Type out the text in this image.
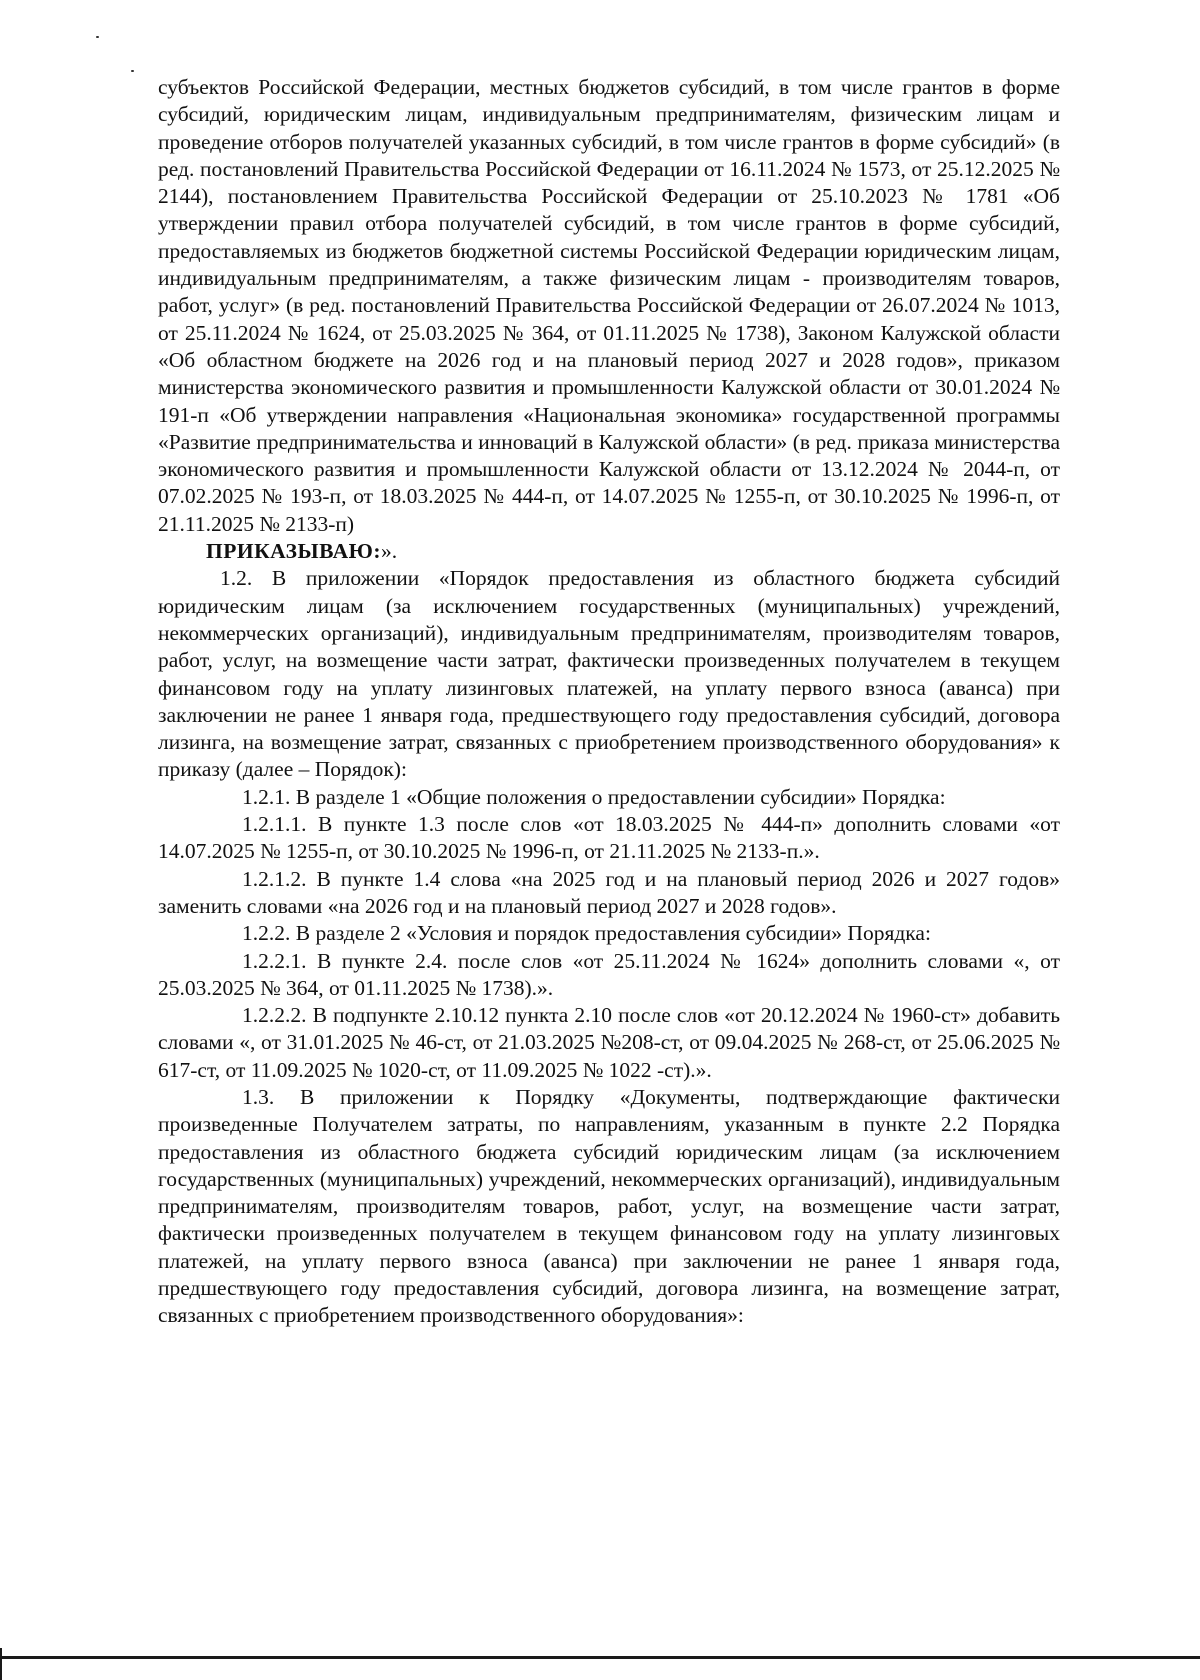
субъектов Российской Федерации, местных бюджетов субсидий, в том числе грантов в форме субсидий, юридическим лицам, индивидуальным предпринимателям, физическим лицам и проведение отборов получателей указанных субсидий, в том числе грантов в форме субсидий» (в ред. постановлений Правительства Российской Федерации от 16.11.2024 № 1573, от 25.12.2025 № 2144), постановлением Правительства Российской Федерации от 25.10.2023 № 1781 «Об утверждении правил отбора получателей субсидий, в том числе грантов в форме субсидий, предоставляемых из бюджетов бюджетной системы Российской Федерации юридическим лицам, индивидуальным предпринимателям, а также физическим лицам - производителям товаров, работ, услуг» (в ред. постановлений Правительства Российской Федерации от 26.07.2024 № 1013, от 25.11.2024 № 1624, от 25.03.2025 № 364, от 01.11.2025 № 1738), Законом Калужской области «Об областном бюджете на 2026 год и на плановый период 2027 и 2028 годов», приказом министерства экономического развития и промышленности Калужской области от 30.01.2024 № 191-п «Об утверждении направления «Национальная экономика» государственной программы «Развитие предпринимательства и инноваций в Калужской области» (в ред. приказа министерства экономического развития и промышленности Калужской области от 13.12.2024 № 2044-п, от 07.02.2025 № 193-п, от 18.03.2025 № 444-п, от 14.07.2025 № 1255-п, от 30.10.2025 № 1996-п, от 21.11.2025 № 2133-п)

ПРИКАЗЫВАЮ:».

1.2. В приложении «Порядок предоставления из областного бюджета субсидий юридическим лицам (за исключением государственных (муниципальных) учреждений, некоммерческих организаций), индивидуальным предпринимателям, производителям товаров, работ, услуг, на возмещение части затрат, фактически произведенных получателем в текущем финансовом году на уплату лизинговых платежей, на уплату первого взноса (аванса) при заключении не ранее 1 января года, предшествующего году предоставления субсидий, договора лизинга, на возмещение затрат, связанных с приобретением производственного оборудования» к приказу (далее – Порядок):

1.2.1. В разделе 1 «Общие положения о предоставлении субсидии» Порядка:

1.2.1.1. В пункте 1.3 после слов «от 18.03.2025 № 444-п» дополнить словами «от 14.07.2025 № 1255-п, от 30.10.2025 № 1996-п, от 21.11.2025 № 2133-п.».

1.2.1.2. В пункте 1.4 слова «на 2025 год и на плановый период 2026 и 2027 годов» заменить словами «на 2026 год и на плановый период 2027 и 2028 годов».

1.2.2. В разделе 2 «Условия и порядок предоставления субсидии» Порядка:

1.2.2.1. В пункте 2.4. после слов «от 25.11.2024 № 1624» дополнить словами «, от 25.03.2025 № 364, от 01.11.2025 № 1738).».

1.2.2.2. В подпункте 2.10.12 пункта 2.10 после слов «от 20.12.2024 № 1960-ст» добавить словами «, от 31.01.2025 № 46-ст, от 21.03.2025 №208-ст, от 09.04.2025 № 268-ст, от 25.06.2025 № 617-ст, от 11.09.2025 № 1020-ст, от 11.09.2025 № 1022 -ст).».

1.3. В приложении к Порядку «Документы, подтверждающие фактически произведенные Получателем затраты, по направлениям, указанным в пункте 2.2 Порядка предоставления из областного бюджета субсидий юридическим лицам (за исключением государственных (муниципальных) учреждений, некоммерческих организаций), индивидуальным предпринимателям, производителям товаров, работ, услуг, на возмещение части затрат, фактически произведенных получателем в текущем финансовом году на уплату лизинговых платежей, на уплату первого взноса (аванса) при заключении не ранее 1 января года, предшествующего году предоставления субсидий, договора лизинга, на возмещение затрат, связанных с приобретением производственного оборудования»:
